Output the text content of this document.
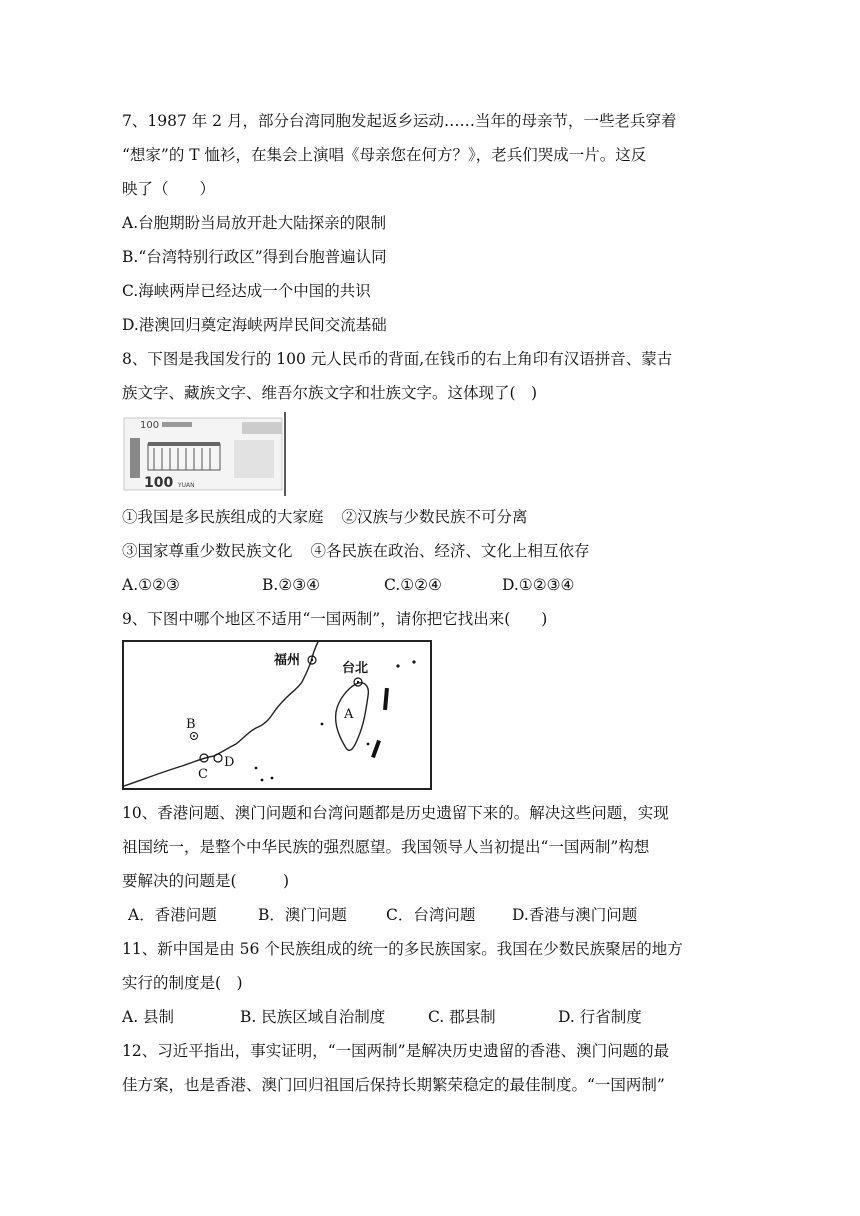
7、1987 年 2 月，部分台湾同胞发起返乡运动……当年的母亲节，一些老兵穿着
“想家”的 T 恤衫，在集会上演唱《母亲您在何方？》，老兵们哭成一片。这反
映了（　　）
A.台胞期盼当局放开赴大陆探亲的限制
B.“台湾特别行政区”得到台胞普遍认同
C.海峡两岸已经达成一个中国的共识
D.港澳回归奠定海峡两岸民间交流基础
8、下图是我国发行的 100 元人民币的背面,在钱币的右上角印有汉语拼音、蒙古
族文字、藏族文字、维吾尔族文字和壮族文字。这体现了(　)
100
100 YUAN
①我国是多民族组成的大家庭 ②汉族与少数民族不可分离
③国家尊重少数民族文化 ④各民族在政治、经济、文化上相互依存
A.①②③	B.②③④	C.①②④	D.①②③④
9、下图中哪个地区不适用“一国两制”，请你把它找出来(　　)
福州
台北
A
B
C
D
10、香港问题、澳门问题和台湾问题都是历史遗留下来的。解决这些问题，实现
祖国统一，是整个中华民族的强烈愿望。我国领导人当初提出“一国两制”构想
要解决的问题是(　　　)
A．香港问题	B．澳门问题	C．台湾问题 D.香港与澳门问题
11、新中国是由 56 个民族组成的统一的多民族国家。我国在少数民族聚居的地方
实行的制度是(　)
A. 县制	B. 民族区域自治制度	C. 郡县制	D. 行省制度
12、习近平指出，事实证明，“一国两制”是解决历史遗留的香港、澳门问题的最
佳方案，也是香港、澳门回归祖国后保持长期繁荣稳定的最佳制度。“一国两制”
